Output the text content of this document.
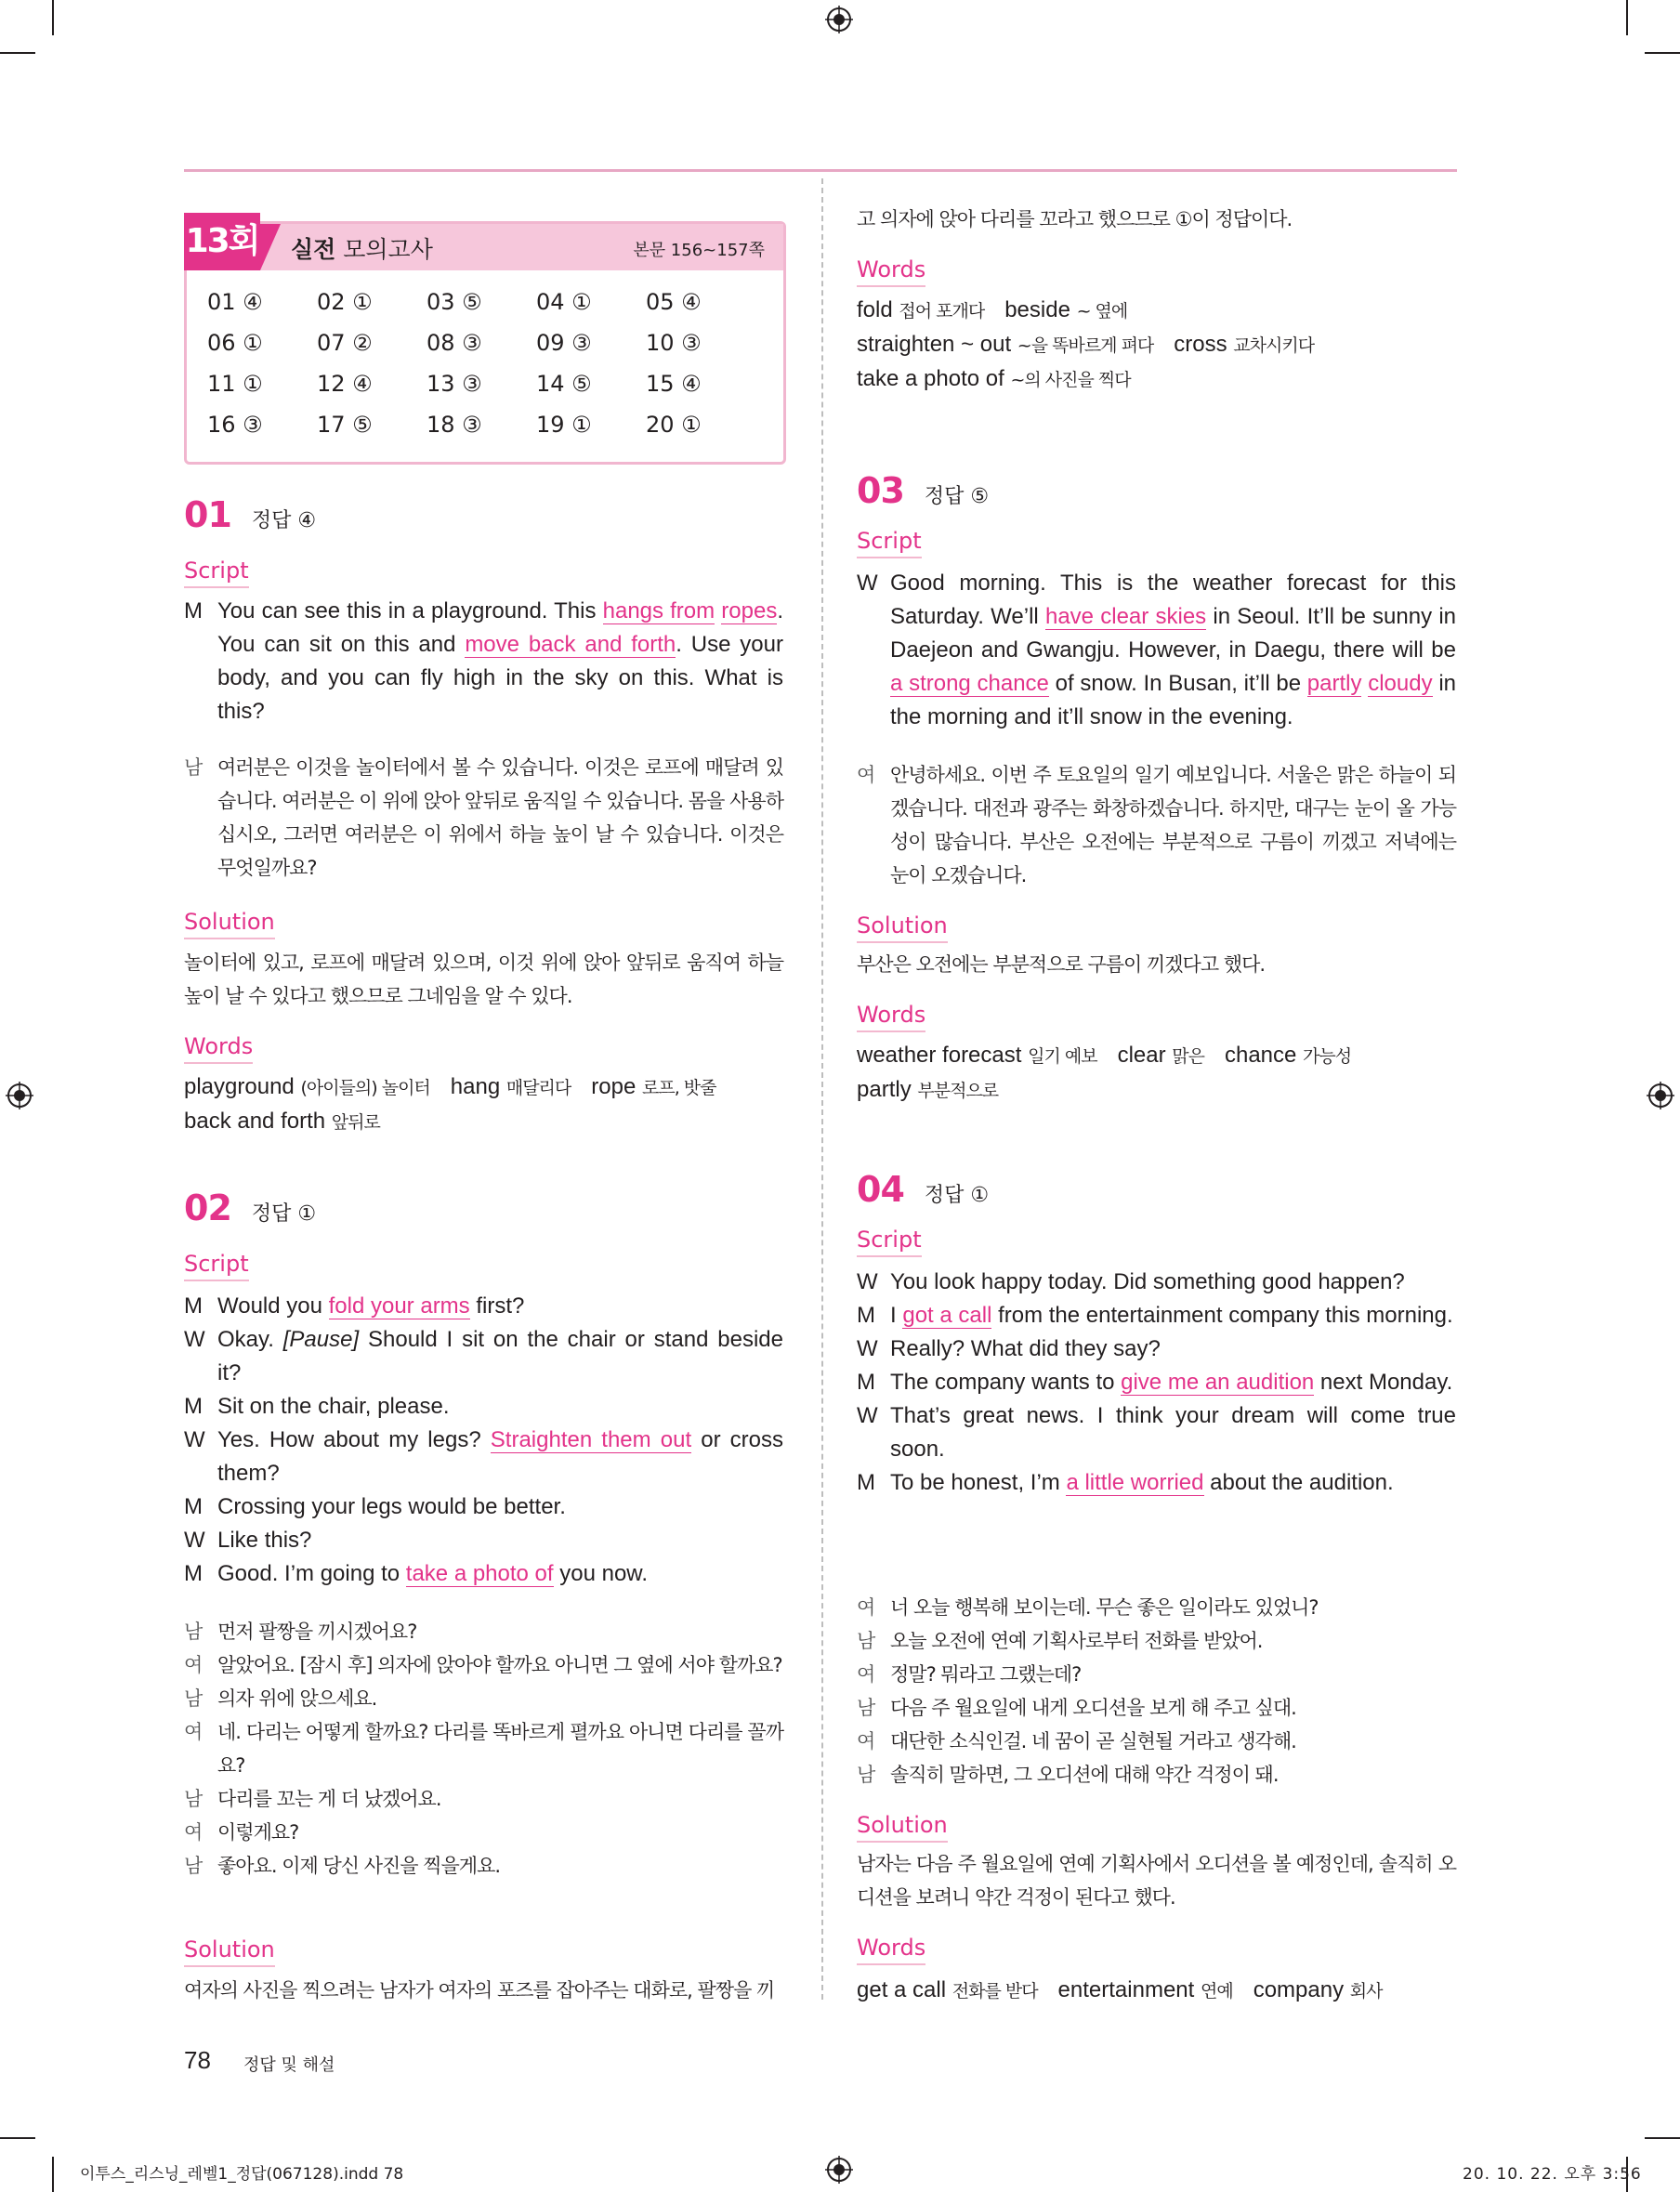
13회 실전 모의고사	본문 156~157쪽
01 ④	02 ①	03 ⑤	04 ①	05 ④
06 ①	07 ②	08 ③	09 ③	10 ③
11 ①	12 ④	13 ③	14 ⑤	15 ④
16 ③	17 ⑤	18 ③	19 ①	20 ①
01 정답 ④
Script
M You can see this in a playground. This hangs from ropes. You can sit on this and move back and forth. Use your body, and you can fly high in the sky on this. What is this?
남 여러분은 이것을 놀이터에서 볼 수 있습니다. 이것은 로프에 매달려 있습니다. 여러분은 이 위에 앉아 앞뒤로 움직일 수 있습니다. 몸을 사용하십시오, 그러면 여러분은 이 위에서 하늘 높이 날 수 있습니다. 이것은 무엇일까요?
Solution
놀이터에 있고, 로프에 매달려 있으며, 이것 위에 앉아 앞뒤로 움직여 하늘 높이 날 수 있다고 했으므로 그네임을 알 수 있다.
Words
playground (아이들의) 놀이터 hang 매달리다 rope 로프, 밧줄
back and forth 앞뒤로
02 정답 ①
Script
M Would you fold your arms first?
W Okay. [Pause] Should I sit on the chair or stand beside it?
M Sit on the chair, please.
W Yes. How about my legs? Straighten them out or cross them?
M Crossing your legs would be better.
W Like this?
M Good. I’m going to take a photo of you now.
남 먼저 팔짱을 끼시겠어요?
여 알았어요. [잠시 후] 의자에 앉아야 할까요 아니면 그 옆에 서야 할까요?
남 의자 위에 앉으세요.
여 네. 다리는 어떻게 할까요? 다리를 똑바르게 펼까요 아니면 다리를 꼴까요?
남 다리를 꼬는 게 더 났겠어요.
여 이렇게요?
남 좋아요. 이제 당신 사진을 찍을게요.
Solution
여자의 사진을 찍으려는 남자가 여자의 포즈를 잡아주는 대화로, 팔짱을 끼
고 의자에 앉아 다리를 꼬라고 했으므로 ①이 정답이다.
Words
fold 접어 포개다 beside ~ 옆에
straighten ~ out ~을 똑바르게 펴다 cross 교차시키다
take a photo of ~의 사진을 찍다
03 정답 ⑤
Script
W Good morning. This is the weather forecast for this Saturday. We’ll have clear skies in Seoul. It’ll be sunny in Daejeon and Gwangju. However, in Daegu, there will be a strong chance of snow. In Busan, it’ll be partly cloudy in the morning and it’ll snow in the evening.
여 안녕하세요. 이번 주 토요일의 일기 예보입니다. 서울은 맑은 하늘이 되겠습니다. 대전과 광주는 화창하겠습니다. 하지만, 대구는 눈이 올 가능성이 많습니다. 부산은 오전에는 부분적으로 구름이 끼겠고 저녁에는 눈이 오겠습니다.
Solution
부산은 오전에는 부분적으로 구름이 끼겠다고 했다.
Words
weather forecast 일기 예보 clear 맑은 chance 가능성
partly 부분적으로
04 정답 ①
Script
W You look happy today. Did something good happen?
M I got a call from the entertainment company this morning.
W Really? What did they say?
M The company wants to give me an audition next Monday.
W That’s great news. I think your dream will come true soon.
M To be honest, I’m a little worried about the audition.
여 너 오늘 행복해 보이는데. 무슨 좋은 일이라도 있었니?
남 오늘 오전에 연예 기획사로부터 전화를 받았어.
여 정말? 뭐라고 그랬는데?
남 다음 주 월요일에 내게 오디션을 보게 해 주고 싶대.
여 대단한 소식인걸. 네 꿈이 곧 실현될 거라고 생각해.
남 솔직히 말하면, 그 오디션에 대해 약간 걱정이 돼.
Solution
남자는 다음 주 월요일에 연예 기획사에서 오디션을 볼 예정인데, 솔직히 오디션을 보려니 약간 걱정이 된다고 했다.
Words
get a call 전화를 받다 entertainment 연예 company 회사
78 정답 및 해설
이투스_리스닝_레벨1_정답(067128).indd 78	20. 10. 22. 오후 3:56
